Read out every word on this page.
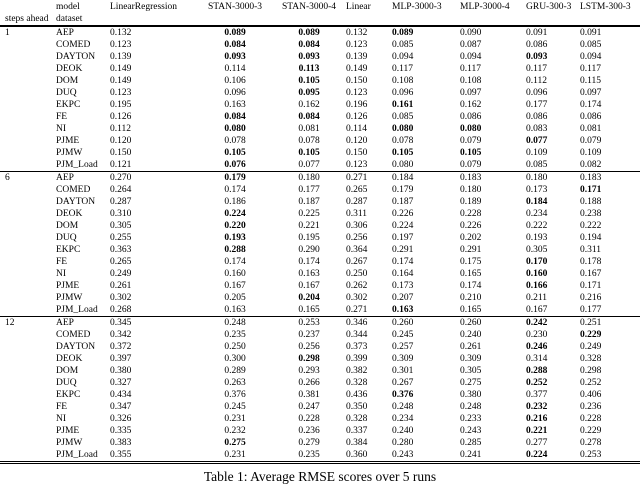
	model	LinearRegression	STAN-3000-3	STAN-3000-4	Linear	MLP-3000-3	MLP-3000-4	GRU-300-3	LSTM-300-3
steps ahead	dataset								
1	AEP	0.132	0.089	0.089	0.132	0.089	0.090	0.091	0.091
	COMED	0.123	0.084	0.084	0.123	0.085	0.087	0.086	0.085
	DAYTON	0.139	0.093	0.093	0.139	0.094	0.094	0.093	0.094
	DEOK	0.149	0.114	0.113	0.149	0.117	0.117	0.117	0.117
	DOM	0.149	0.106	0.105	0.150	0.108	0.108	0.112	0.115
	DUQ	0.123	0.096	0.095	0.123	0.096	0.097	0.096	0.097
	EKPC	0.195	0.163	0.162	0.196	0.161	0.162	0.177	0.174
	FE	0.126	0.084	0.084	0.126	0.085	0.086	0.086	0.086
	NI	0.112	0.080	0.081	0.114	0.080	0.080	0.083	0.081
	PJME	0.120	0.078	0.078	0.120	0.078	0.079	0.077	0.079
	PJMW	0.150	0.105	0.105	0.150	0.105	0.105	0.109	0.109
	PJM_Load	0.121	0.076	0.077	0.123	0.080	0.079	0.085	0.082
6	AEP	0.270	0.179	0.180	0.271	0.184	0.183	0.180	0.183
	COMED	0.264	0.174	0.177	0.265	0.179	0.180	0.173	0.171
	DAYTON	0.287	0.186	0.187	0.287	0.187	0.189	0.184	0.188
	DEOK	0.310	0.224	0.225	0.311	0.226	0.228	0.234	0.238
	DOM	0.305	0.220	0.221	0.306	0.224	0.226	0.222	0.222
	DUQ	0.255	0.193	0.195	0.256	0.197	0.202	0.193	0.194
	EKPC	0.363	0.288	0.290	0.364	0.291	0.291	0.305	0.311
	FE	0.265	0.174	0.174	0.267	0.174	0.175	0.170	0.178
	NI	0.249	0.160	0.163	0.250	0.164	0.165	0.160	0.167
	PJME	0.261	0.167	0.167	0.262	0.173	0.174	0.166	0.171
	PJMW	0.302	0.205	0.204	0.302	0.207	0.210	0.211	0.216
	PJM_Load	0.268	0.163	0.165	0.271	0.163	0.165	0.167	0.177
12	AEP	0.345	0.248	0.253	0.346	0.260	0.260	0.242	0.251
	COMED	0.342	0.235	0.237	0.344	0.245	0.240	0.230	0.229
	DAYTON	0.372	0.250	0.256	0.373	0.257	0.261	0.246	0.249
	DEOK	0.397	0.300	0.298	0.399	0.309	0.309	0.314	0.328
	DOM	0.380	0.289	0.293	0.382	0.301	0.305	0.288	0.298
	DUQ	0.327	0.263	0.266	0.328	0.267	0.275	0.252	0.252
	EKPC	0.434	0.376	0.381	0.436	0.376	0.380	0.377	0.406
	FE	0.347	0.245	0.247	0.350	0.248	0.248	0.232	0.236
	NI	0.326	0.231	0.228	0.328	0.234	0.233	0.216	0.228
	PJME	0.335	0.232	0.236	0.337	0.240	0.243	0.221	0.229
	PJMW	0.383	0.275	0.279	0.384	0.280	0.285	0.277	0.278
	PJM_Load	0.355	0.231	0.235	0.360	0.243	0.241	0.224	0.253
Table 1: Average RMSE scores over 5 runs
